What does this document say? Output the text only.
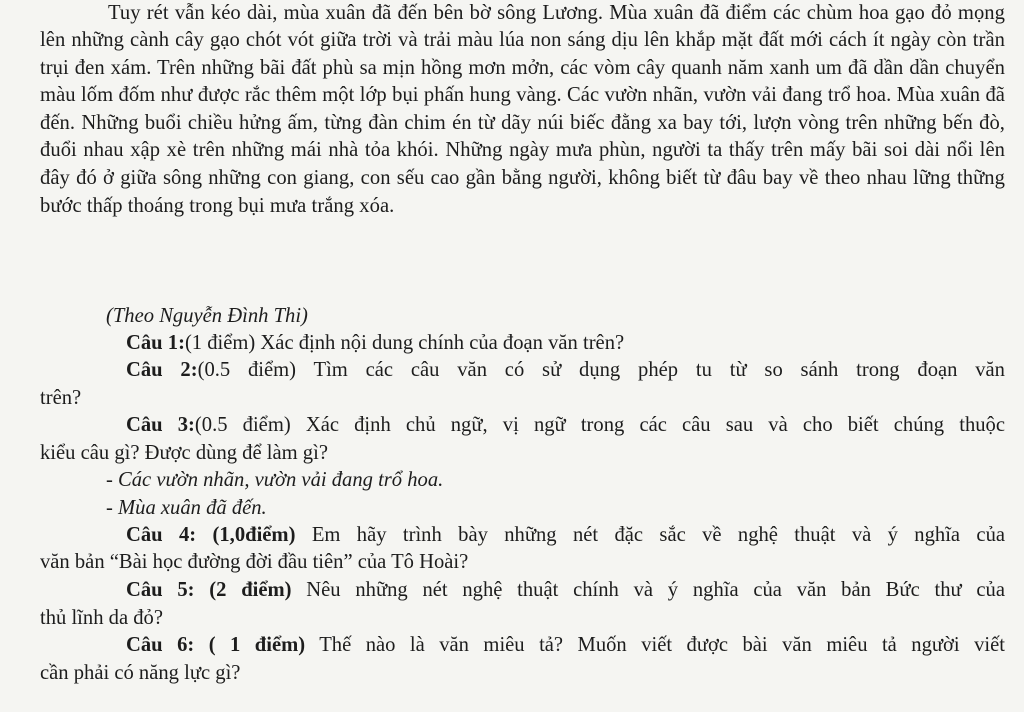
Tuy rét vẫn kéo dài, mùa xuân đã đến bên bờ sông Lương. Mùa xuân đã điểm các chùm hoa gạo đỏ mọng lên những cành cây gạo chót vót giữa trời và trải màu lúa non sáng dịu lên khắp mặt đất mới cách ít ngày còn trần trụi đen xám. Trên những bãi đất phù sa mịn hồng mơn mởn, các vòm cây quanh năm xanh um đã dần dần chuyển màu lốm đốm như được rắc thêm một lớp bụi phấn hung vàng. Các vườn nhãn, vườn vải đang trổ hoa. Mùa xuân đã đến. Những buổi chiều hửng ấm, từng đàn chim én từ dãy núi biếc đằng xa bay tới, lượn vòng trên những bến đò, đuổi nhau xập xè trên những mái nhà tỏa khói. Những ngày mưa phùn, người ta thấy trên mấy bãi soi dài nổi lên đây đó ở giữa sông những con giang, con sếu cao gần bằng người, không biết từ đâu bay về theo nhau lững thững bước thấp thoáng trong bụi mưa trắng xóa.

(Theo Nguyễn Đình Thi)
Câu 1:(1 điểm) Xác định nội dung chính của đoạn văn trên?
Câu 2:(0.5 điểm) Tìm các câu văn có sử dụng phép tu từ so sánh trong đoạn văn
trên?
Câu 3:(0.5 điểm) Xác định chủ ngữ, vị ngữ trong các câu sau và cho biết chúng thuộc
kiểu câu gì? Được dùng để làm gì?
- Các vườn nhãn, vườn vải đang trổ hoa.
- Mùa xuân đã đến.
Câu 4: (1,0điểm) Em hãy trình bày những nét đặc sắc về nghệ thuật và ý nghĩa của
văn bản “Bài học đường đời đầu tiên” của Tô Hoài?
Câu 5: (2 điểm) Nêu những nét nghệ thuật chính và ý nghĩa của văn bản Bức thư của
thủ lĩnh da đỏ?
Câu 6: ( 1 điểm) Thế nào là văn miêu tả? Muốn viết được bài văn miêu tả người viết
cần phải có năng lực gì?
